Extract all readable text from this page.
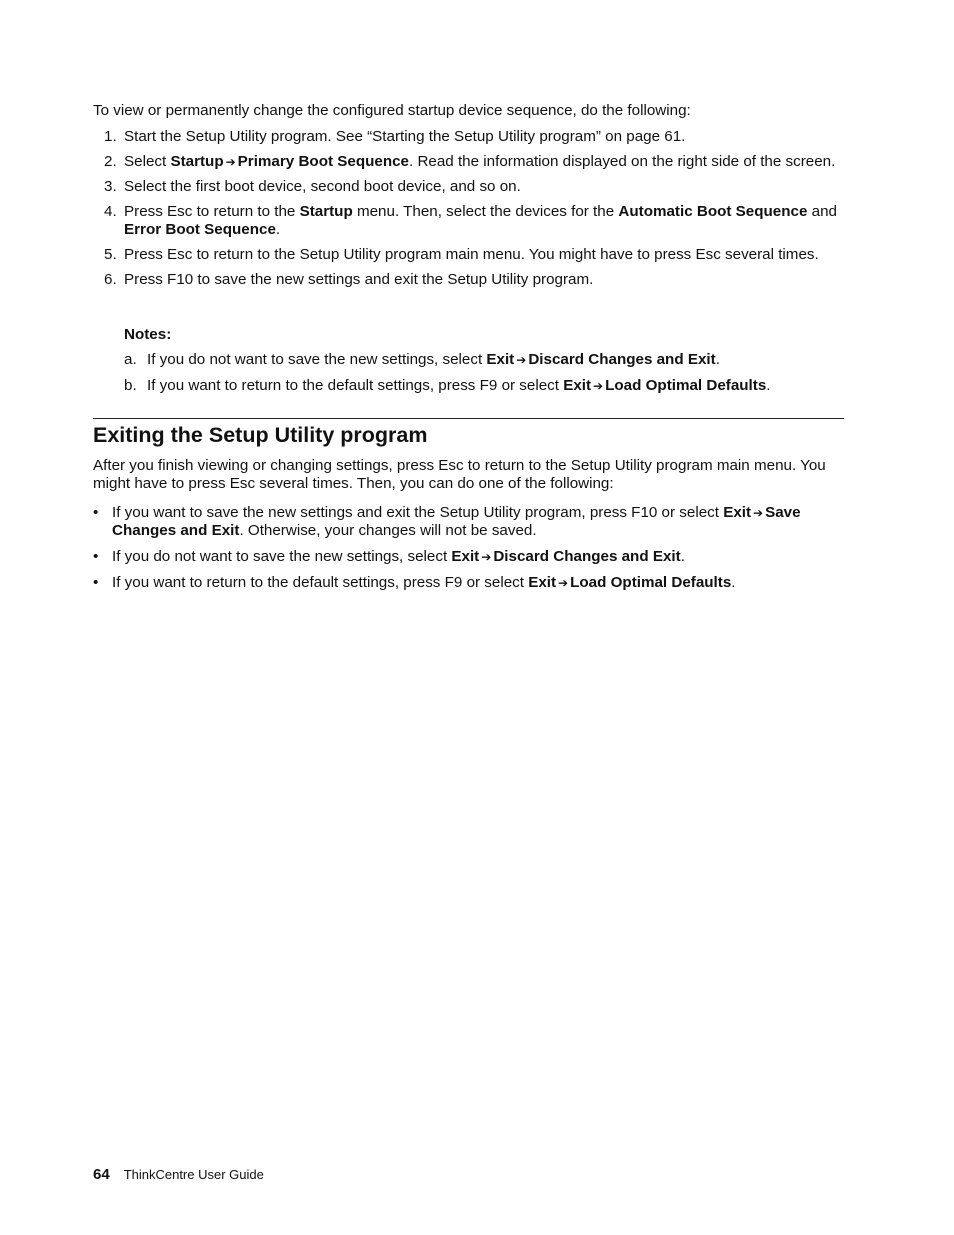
To view or permanently change the configured startup device sequence, do the following:

1. Start the Setup Utility program. See “Starting the Setup Utility program” on page 61.
2. Select Startup ➔ Primary Boot Sequence. Read the information displayed on the right side of the screen.
3. Select the first boot device, second boot device, and so on.
4. Press Esc to return to the Startup menu. Then, select the devices for the Automatic Boot Sequence and Error Boot Sequence.
5. Press Esc to return to the Setup Utility program main menu. You might have to press Esc several times.
6. Press F10 to save the new settings and exit the Setup Utility program.

Notes:

a. If you do not want to save the new settings, select Exit ➔ Discard Changes and Exit.
b. If you want to return to the default settings, press F9 or select Exit ➔ Load Optimal Defaults.
Exiting the Setup Utility program

After you finish viewing or changing settings, press Esc to return to the Setup Utility program main menu. You might have to press Esc several times. Then, you can do one of the following:

• If you want to save the new settings and exit the Setup Utility program, press F10 or select Exit ➔ Save Changes and Exit. Otherwise, your changes will not be saved.
• If you do not want to save the new settings, select Exit ➔ Discard Changes and Exit.
• If you want to return to the default settings, press F9 or select Exit ➔ Load Optimal Defaults.

64 ThinkCentre User Guide
